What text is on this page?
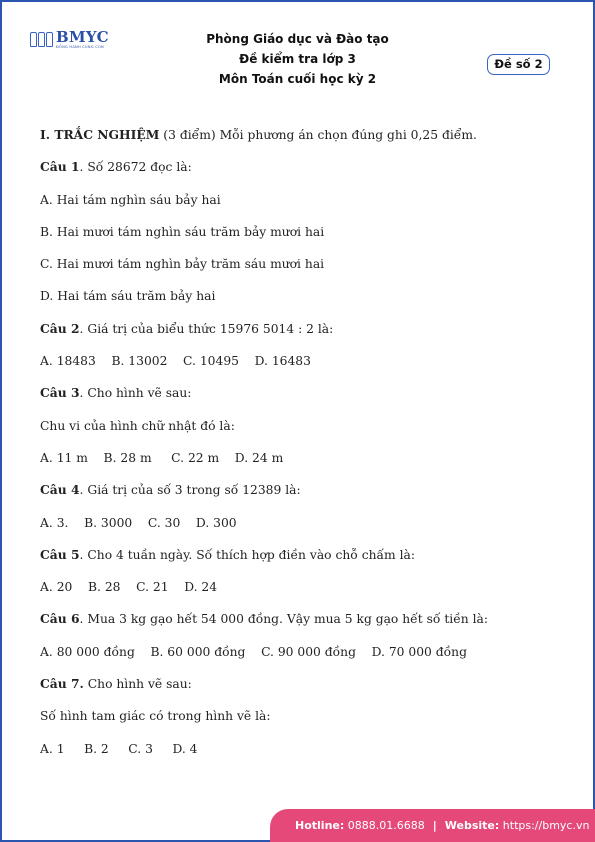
BMYC
ĐỒNG HÀNH CÙNG CON
Phòng Giáo dục và Đào tạo
Đề kiểm tra lớp 3
Môn Toán cuối học kỳ 2
Đề số 2
I. TRẮC NGHIỆM (3 điểm) Mỗi phương án chọn đúng ghi 0,25 điểm.
Câu 1. Số 28672 đọc là:
A. Hai tám nghìn sáu bảy hai
B. Hai mươi tám nghìn sáu trăm bảy mươi hai
C. Hai mươi tám nghìn bảy trăm sáu mươi hai
D. Hai tám sáu trăm bảy hai
Câu 2. Giá trị của biểu thức 15976 5014 : 2 là:
A. 18483    B. 13002    C. 10495    D. 16483
Câu 3. Cho hình vẽ sau:
Chu vi của hình chữ nhật đó là:
A. 11 m    B. 28 m     C. 22 m    D. 24 m
Câu 4. Giá trị của số 3 trong số 12389 là:
A. 3.    B. 3000    C. 30    D. 300
Câu 5. Cho 4 tuần ngày. Số thích hợp điền vào chỗ chấm là:
A. 20    B. 28    C. 21    D. 24
Câu 6. Mua 3 kg gạo hết 54 000 đồng. Vậy mua 5 kg gạo hết số tiền là:
A. 80 000 đồng    B. 60 000 đồng    C. 90 000 đồng    D. 70 000 đồng
Câu 7. Cho hình vẽ sau:
Số hình tam giác có trong hình vẽ là:
A. 1     B. 2     C. 3     D. 4
Hotline: 0888.01.6688 | Website: https://bmyc.vn
